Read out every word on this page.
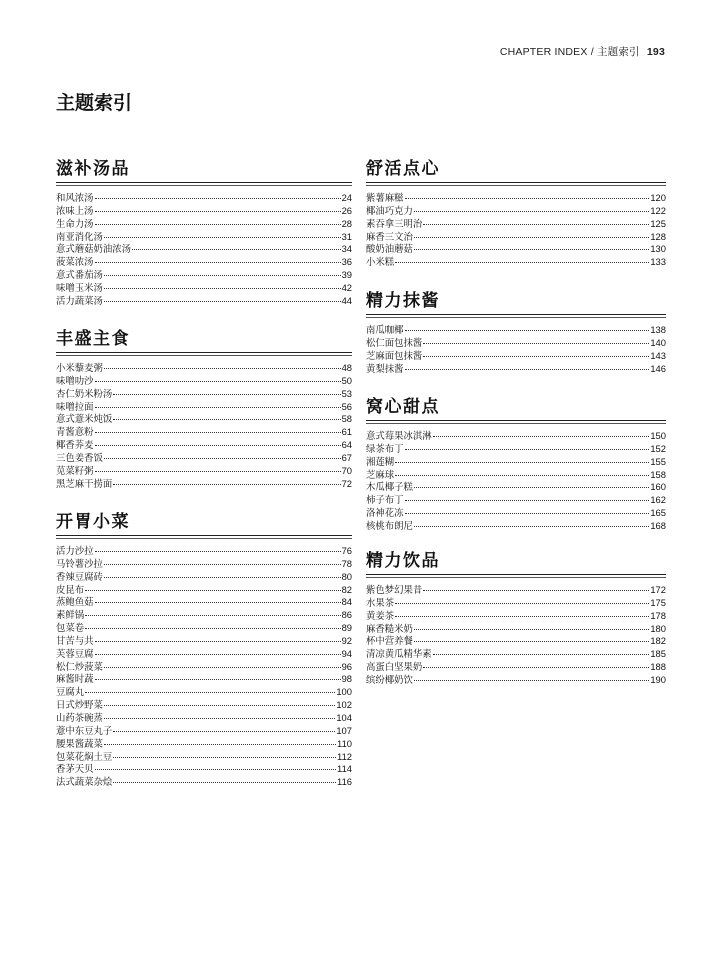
CHAPTER INDEX / 主题索引 193
主题索引
滋补汤品
和风浓汤	24
浓味上汤	26
生命力汤	28
南亚消化汤	31
意式蘑菇奶油浓汤	34
菠菜浓汤	36
意式番茄汤	39
味噌玉米汤	42
活力蔬菜汤	44
丰盛主食
小米藜麦粥	48
味噌叻沙	50
杏仁奶米粉汤	53
味噌拉面	56
意式薏米炖饭	58
青酱意粉	61
椰香荞麦	64
三色姜香饭	67
苋菜籽粥	70
黑芝麻干捞面	72
开胃小菜
活力沙拉	76
马铃薯沙拉	78
香辣豆腐砖	80
皮昆布	82
蒸鲍鱼菇	84
素鲜锅	86
包菜卷	89
甘苦与共	92
芙蓉豆腐	94
松仁炒菠菜	96
麻酱时蔬	98
豆腐丸	100
日式炒野菜	102
山药茶碗蒸	104
薏中东豆丸子	107
腰果酱蔬菜	110
包菜花焖土豆	112
香茅天贝	114
法式蔬菜杂烩	116
舒活点心
紫薯麻糍	120
椰油巧克力	122
素吞拿三明治	125
麻香三文治	128
酸奶油蘑菇	130
小米糕	133
精力抹酱
南瓜咖椰	138
松仁面包抹酱	140
芝麻面包抹酱	143
黄梨抹酱	146
窝心甜点
意式莓果冰淇淋	150
绿茶布丁	152
湘莲糊	155
芝麻球	158
木瓜椰子糕	160
柿子布丁	162
洛神花冻	165
核桃布朗尼	168
精力饮品
紫色梦幻果昔	172
水果茶	175
黄姜茶	178
麻香糙米奶	180
杯中营养餐	182
清凉黄瓜精华素	185
高蛋白坚果奶	188
缤纷椰奶饮	190
